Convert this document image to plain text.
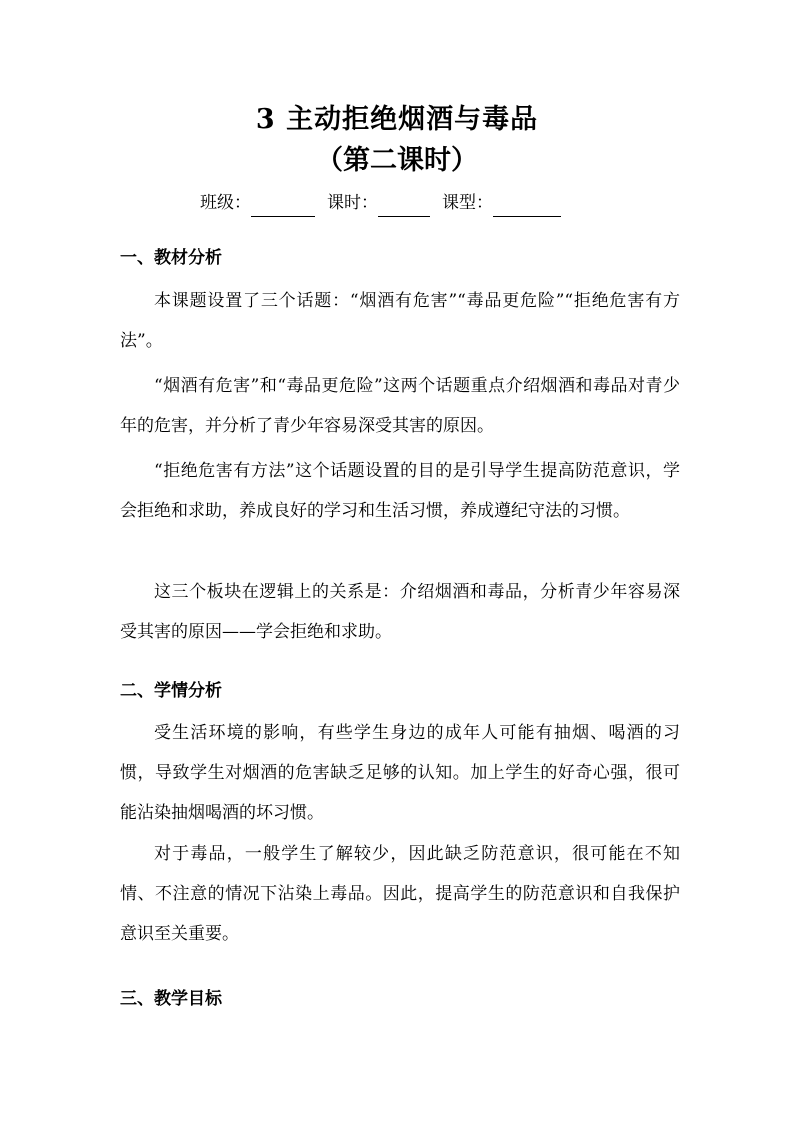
3 主动拒绝烟酒与毒品
（第二课时）
班级：	课时：	课型：
一、教材分析
本课题设置了三个话题：“烟酒有危害”“毒品更危险”“拒绝危害有方法”。
“烟酒有危害”和“毒品更危险”这两个话题重点介绍烟酒和毒品对青少年的危害，并分析了青少年容易深受其害的原因。
“拒绝危害有方法”这个话题设置的目的是引导学生提高防范意识，学会拒绝和求助，养成良好的学习和生活习惯，养成遵纪守法的习惯。
这三个板块在逻辑上的关系是：介绍烟酒和毒品，分析青少年容易深受其害的原因——学会拒绝和求助。
二、学情分析
受生活环境的影响，有些学生身边的成年人可能有抽烟、喝酒的习惯，导致学生对烟酒的危害缺乏足够的认知。加上学生的好奇心强，很可能沾染抽烟喝酒的坏习惯。
对于毒品，一般学生了解较少，因此缺乏防范意识，很可能在不知情、不注意的情况下沾染上毒品。因此，提高学生的防范意识和自我保护意识至关重要。
三、教学目标
